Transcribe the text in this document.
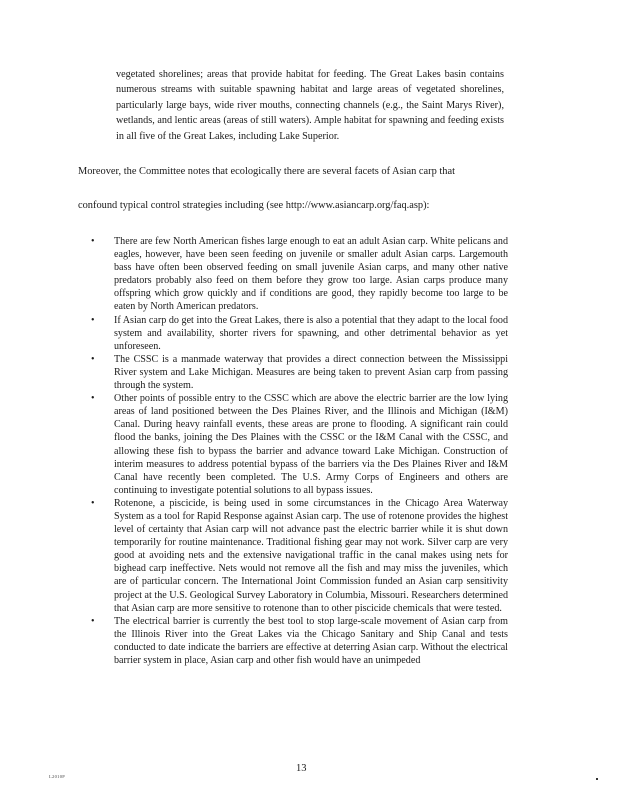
vegetated shorelines; areas that provide habitat for feeding. The Great Lakes basin contains numerous streams with suitable spawning habitat and large areas of vegetated shorelines, particularly large bays, wide river mouths, connecting channels (e.g., the Saint Marys River), wetlands, and lentic areas (areas of still waters). Ample habitat for spawning and feeding exists in all five of the Great Lakes, including Lake Superior.

Moreover, the Committee notes that ecologically there are several facets of Asian carp that

confound typical control strategies including (see http://www.asiancarp.org/faq.asp):

• There are few North American fishes large enough to eat an adult Asian carp. White pelicans and eagles, however, have been seen feeding on juvenile or smaller adult Asian carps. Largemouth bass have often been observed feeding on small juvenile Asian carps, and many other native predators probably also feed on them before they grow too large. Asian carps produce many offspring which grow quickly and if conditions are good, they rapidly become too large to be eaten by North American predators.
• If Asian carp do get into the Great Lakes, there is also a potential that they adapt to the local food system and availability, shorter rivers for spawning, and other detrimental behavior as yet unforeseen.
• The CSSC is a manmade waterway that provides a direct connection between the Mississippi River system and Lake Michigan. Measures are being taken to prevent Asian carp from passing through the system.
• Other points of possible entry to the CSSC which are above the electric barrier are the low lying areas of land positioned between the Des Plaines River, and the Illinois and Michigan (I&M) Canal. During heavy rainfall events, these areas are prone to flooding. A significant rain could flood the banks, joining the Des Plaines with the CSSC or the I&M Canal with the CSSC, and allowing these fish to bypass the barrier and advance toward Lake Michigan. Construction of interim measures to address potential bypass of the barriers via the Des Plaines River and I&M Canal have recently been completed. The U.S. Army Corps of Engineers and others are continuing to investigate potential solutions to all bypass issues.
• Rotenone, a piscicide, is being used in some circumstances in the Chicago Area Waterway System as a tool for Rapid Response against Asian carp. The use of rotenone provides the highest level of certainty that Asian carp will not advance past the electric barrier while it is shut down temporarily for routine maintenance. Traditional fishing gear may not work. Silver carp are very good at avoiding nets and the extensive navigational traffic in the canal makes using nets for bighead carp ineffective. Nets would not remove all the fish and may miss the juveniles, which are of particular concern. The International Joint Commission funded an Asian carp sensitivity project at the U.S. Geological Survey Laboratory in Columbia, Missouri. Researchers determined that Asian carp are more sensitive to rotenone than to other piscicide chemicals that were tested.
• The electrical barrier is currently the best tool to stop large-scale movement of Asian carp from the Illinois River into the Great Lakes via the Chicago Sanitary and Ship Canal and tests conducted to date indicate the barriers are effective at deterring Asian carp. Without the electrical barrier system in place, Asian carp and other fish would have an unimpeded
13
L2010P
